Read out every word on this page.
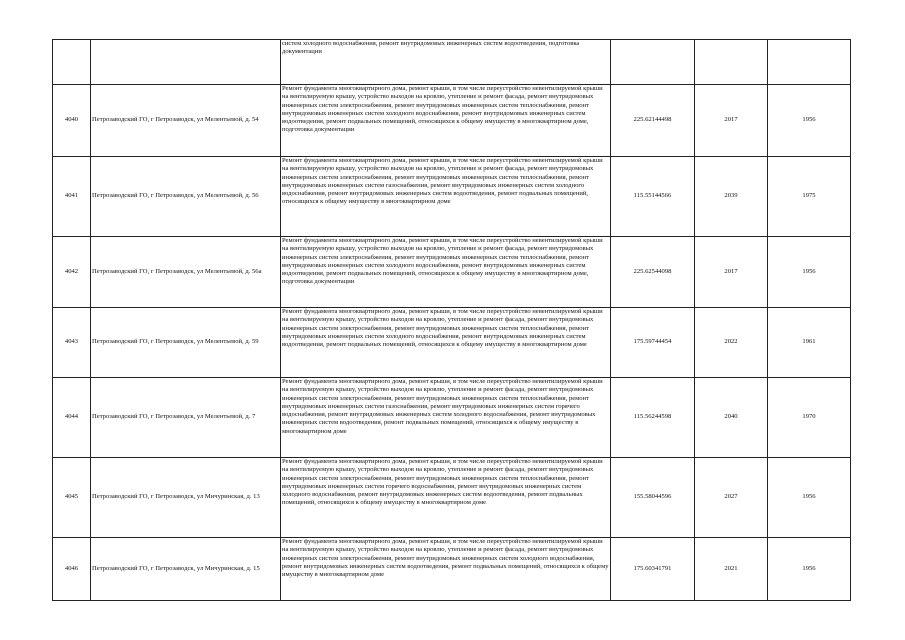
		систем холодного водоснабжения, ремонт внутридомовых инженерных систем водоотведения, подготовка документации			
4040	Петрозаводский ГО, г Петрозаводск, ул Мелентьевой, д. 54	Ремонт фундамента многоквартирного дома, ремонт крыши, в том числе переустройство невентилируемой крыши на вентилируемую крышу, устройство выходов на кровлю, утепление и ремонт фасада, ремонт внутридомовых инженерных систем электроснабжения, ремонт внутридомовых инженерных систем теплоснабжения, ремонт внутридомовых инженерных систем холодного водоснабжения, ремонт внутридомовых инженерных систем водоотведения, ремонт подвальных помещений, относящихся к общему имуществу в многоквартирном доме, подготовка документации	225.62144498	2017	1956
4041	Петрозаводский ГО, г Петрозаводск, ул Мелентьевой, д. 56	Ремонт фундамента многоквартирного дома, ремонт крыши, в том числе переустройство невентилируемой крыши на вентилируемую крышу, устройство выходов на кровлю, утепление и ремонт фасада, ремонт внутридомовых инженерных систем электроснабжения, ремонт внутридомовых инженерных систем теплоснабжения, ремонт внутридомовых инженерных систем газоснабжения, ремонт внутридомовых инженерных систем холодного водоснабжения, ремонт внутридомовых инженерных систем водоотведения, ремонт подвальных помещений, относящихся к общему имуществу в многоквартирном доме	115.55144566	2039	1975
4042	Петрозаводский ГО, г Петрозаводск, ул Мелентьевой, д. 56а	Ремонт фундамента многоквартирного дома, ремонт крыши, в том числе переустройство невентилируемой крыши на вентилируемую крышу, устройство выходов на кровлю, утепление и ремонт фасада, ремонт внутридомовых инженерных систем электроснабжения, ремонт внутридомовых инженерных систем теплоснабжения, ремонт внутридомовых инженерных систем холодного водоснабжения, ремонт внутридомовых инженерных систем водоотведения, ремонт подвальных помещений, относящихся к общему имуществу в многоквартирном доме, подготовка документации	225.62544098	2017	1956
4043	Петрозаводский ГО, г Петрозаводск, ул Мелентьевой, д. 59	Ремонт фундамента многоквартирного дома, ремонт крыши, в том числе переустройство невентилируемой крыши на вентилируемую крышу, устройство выходов на кровлю, утепление и ремонт фасада, ремонт внутридомовых инженерных систем электроснабжения, ремонт внутридомовых инженерных систем теплоснабжения, ремонт внутридомовых инженерных систем холодного водоснабжения, ремонт внутридомовых инженерных систем водоотведения, ремонт подвальных помещений, относящихся к общему имуществу в многоквартирном доме	175.59744454	2022	1961
4044	Петрозаводский ГО, г Петрозаводск, ул Мелентьевой, д. 7	Ремонт фундамента многоквартирного дома, ремонт крыши, в том числе переустройство невентилируемой крыши на вентилируемую крышу, устройство выходов на кровлю, утепление и ремонт фасада, ремонт внутридомовых инженерных систем электроснабжения, ремонт внутридомовых инженерных систем теплоснабжения, ремонт внутридомовых инженерных систем газоснабжения, ремонт внутридомовых инженерных систем горячего водоснабжения, ремонт внутридомовых инженерных систем холодного водоснабжения, ремонт внутридомовых инженерных систем водоотведения, ремонт подвальных помещений, относящихся к общему имуществу в многоквартирном доме	115.56244598	2040	1970
4045	Петрозаводский ГО, г Петрозаводск, ул Мичуринская, д. 13	Ремонт фундамента многоквартирного дома, ремонт крыши, в том числе переустройство невентилируемой крыши на вентилируемую крышу, устройство выходов на кровлю, утепление и ремонт фасада, ремонт внутридомовых инженерных систем электроснабжения, ремонт внутридомовых инженерных систем теплоснабжения, ремонт внутридомовых инженерных систем горячего водоснабжения, ремонт внутридомовых инженерных систем холодного водоснабжения, ремонт внутридомовых инженерных систем водоотведения, ремонт подвальных помещений, относящихся к общему имуществу в многоквартирном доме	155.58044596	2027	1956
4046	Петрозаводский ГО, г Петрозаводск, ул Мичуринская, д. 15	Ремонт фундамента многоквартирного дома, ремонт крыши, в том числе переустройство невентилируемой крыши на вентилируемую крышу, устройство выходов на кровлю, утепление и ремонт фасада, ремонт внутридомовых инженерных систем электроснабжения, ремонт внутридомовых инженерных систем холодного водоснабжения, ремонт внутридомовых инженерных систем водоотведения, ремонт подвальных помещений, относящихся к общему имуществу в многоквартирном доме	175.60341791	2021	1956
